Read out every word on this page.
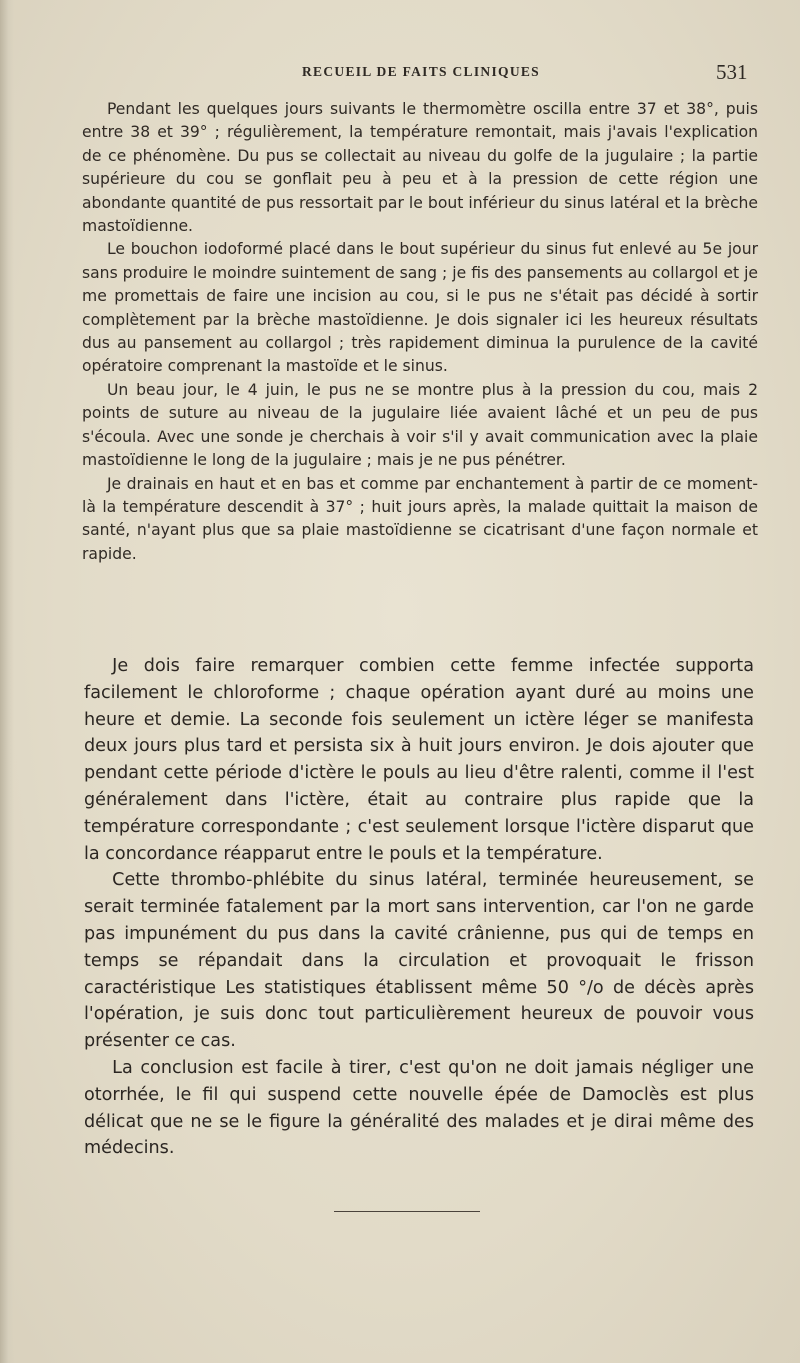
RECUEIL DE FAITS CLINIQUES	531

Pendant les quelques jours suivants le thermomètre oscilla entre 37 et 38°, puis entre 38 et 39° ; régulièrement, la température remontait, mais j'avais l'explication de ce phénomène. Du pus se collectait au niveau du golfe de la jugulaire ; la partie supérieure du cou se gonflait peu à peu et à la pression de cette région une abondante quantité de pus ressortait par le bout inférieur du sinus latéral et la brèche mastoïdienne.

Le bouchon iodoformé placé dans le bout supérieur du sinus fut enlevé au 5e jour sans produire le moindre suintement de sang ; je fis des pansements au collargol et je me promettais de faire une incision au cou, si le pus ne s'était pas décidé à sortir complètement par la brèche mastoïdienne. Je dois signaler ici les heureux résultats dus au pansement au collargol ; très rapidement diminua la purulence de la cavité opératoire comprenant la mastoïde et le sinus.

Un beau jour, le 4 juin, le pus ne se montre plus à la pression du cou, mais 2 points de suture au niveau de la jugulaire liée avaient lâché et un peu de pus s'écoula. Avec une sonde je cherchais à voir s'il y avait communication avec la plaie mastoïdienne le long de la jugulaire ; mais je ne pus pénétrer.

Je drainais en haut et en bas et comme par enchantement à partir de ce moment-là la température descendit à 37° ; huit jours après, la malade quittait la maison de santé, n'ayant plus que sa plaie mastoïdienne se cicatrisant d'une façon normale et rapide.

Je dois faire remarquer combien cette femme infectée supporta facilement le chloroforme ; chaque opération ayant duré au moins une heure et demie. La seconde fois seulement un ictère léger se manifesta deux jours plus tard et persista six à huit jours environ. Je dois ajouter que pendant cette période d'ictère le pouls au lieu d'être ralenti, comme il l'est généralement dans l'ictère, était au contraire plus rapide que la température correspondante ; c'est seulement lorsque l'ictère disparut que la concordance réapparut entre le pouls et la température.

Cette thrombo-phlébite du sinus latéral, terminée heureusement, se serait terminée fatalement par la mort sans intervention, car l'on ne garde pas impunément du pus dans la cavité crânienne, pus qui de temps en temps se répandait dans la circulation et provoquait le frisson caractéristique Les statistiques établissent même 50 °/o de décès après l'opération, je suis donc tout particulièrement heureux de pouvoir vous présenter ce cas.

La conclusion est facile à tirer, c'est qu'on ne doit jamais négliger une otorrhée, le fil qui suspend cette nouvelle épée de Damoclès est plus délicat que ne se le figure la généralité des malades et je dirai même des médecins.
